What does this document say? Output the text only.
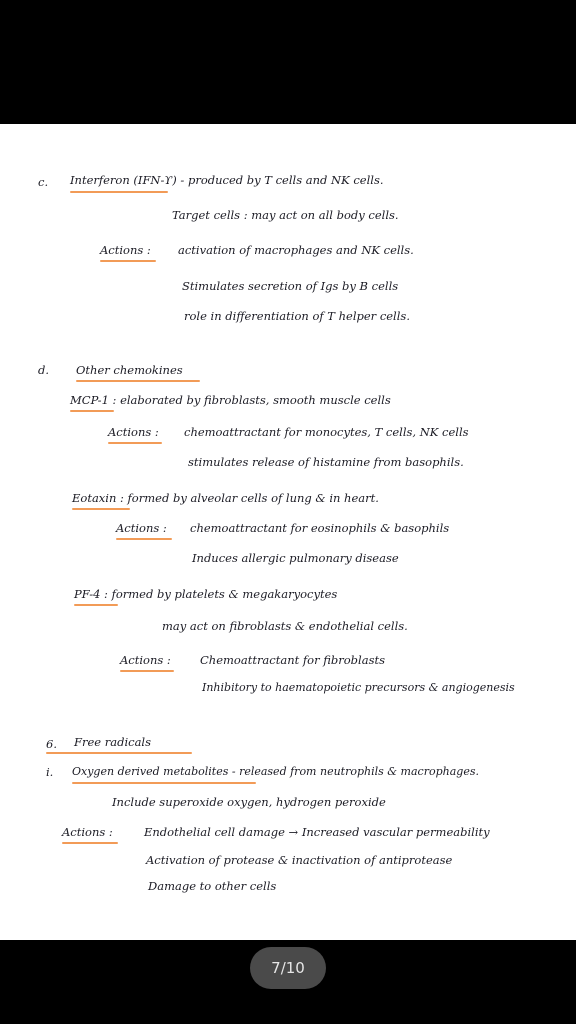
c. Interferon (IFN-ϒ) - produced by T cells and NK cells.
Target cells : may act on all body cells.
Actions : activation of macrophages and NK cells.
Stimulates secretion of Igs by B cells
role in differentiation of T helper cells.
d. Other chemokines
MCP-1 : elaborated by fibroblasts, smooth muscle cells
Actions : chemoattractant for monocytes, T cells, NK cells
stimulates release of histamine from basophils.
Eotaxin : formed by alveolar cells of lung & in heart.
Actions : chemoattractant for eosinophils & basophils
Induces allergic pulmonary disease
PF-4 : formed by platelets & megakaryocytes
may act on fibroblasts & endothelial cells.
Actions :	Chemoattractant for fibroblasts
Inhibitory to haematopoietic precursors & angiogenesis
6. Free radicals
i. Oxygen derived metabolites - released from neutrophils & macrophages.
Include superoxide oxygen, hydrogen peroxide
Actions :	Endothelial cell damage → Increased vascular permeability
Activation of protease & inactivation of antiprotease
Damage to other cells
7/10
